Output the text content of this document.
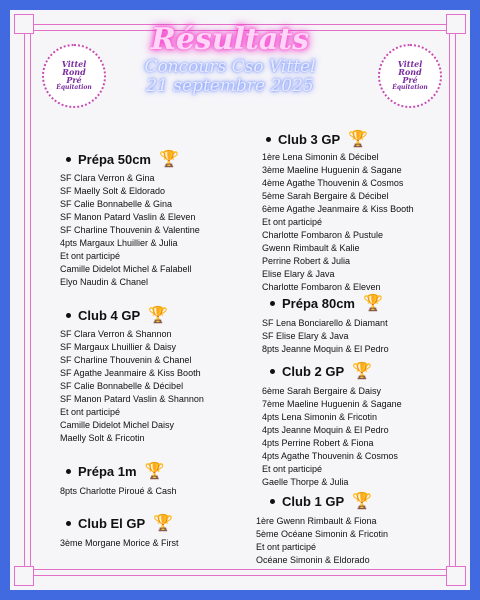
Vittel
Rond
Pré
Équitation
Vittel
Rond
Pré
Équitation
Résultats
Concours Cso Vittel
21 septembre 2025
Prépa 50cm 🏆
SF Clara Verron & Gina
SF Maelly Solt & Eldorado
SF Calie Bonnabelle & Gina
SF Manon Patard Vaslin & Eleven
SF Charline Thouvenin & Valentine
4pts Margaux Lhuillier & Julia
Et ont participé
Camille Didelot Michel & Falabell
Elyo Naudin & Chanel
Club 4 GP 🏆
SF Clara Verron & Shannon
SF Margaux Lhuillier & Daisy
SF Charline Thouvenin & Chanel
SF Agathe Jeanmaire & Kiss Booth
SF Calie Bonnabelle & Décibel
SF Manon Patard Vaslin & Shannon
Et ont participé
Camille Didelot Michel Daisy
Maelly Solt & Fricotin
Prépa 1m 🏆
8pts Charlotte Piroué & Cash
Club El GP 🏆
3ème Morgane Morice & First
Club 3 GP 🏆
1ère Lena Simonin & Décibel
3ème Maeline Huguenin & Sagane
4ème Agathe Thouvenin & Cosmos
5ème Sarah Bergaire & Décibel
6ème Agathe Jeanmaire & Kiss Booth
Et ont participé
Charlotte Fombaron & Pustule
Gwenn Rimbault & Kalie
Perrine Robert & Julia
Elise Elary & Java
Charlotte Fombaron & Eleven
Prépa 80cm 🏆
SF Lena Bonciarello & Diamant
SF Elise Elary & Java
8pts Jeanne Moquin & El Pedro
Club 2 GP 🏆
6ème Sarah Bergaire & Daisy
7ème Maeline Huguenin & Sagane
4pts Lena Simonin & Fricotin
4pts Jeanne Moquin & El Pedro
4pts Perrine Robert & Fiona
4pts Agathe Thouvenin & Cosmos
Et ont participé
Gaelle Thorpe & Julia
Club 1 GP 🏆
1ère Gwenn Rimbault & Fiona
5ème Océane Simonin & Fricotin
Et ont participé
Océane Simonin & Eldorado
